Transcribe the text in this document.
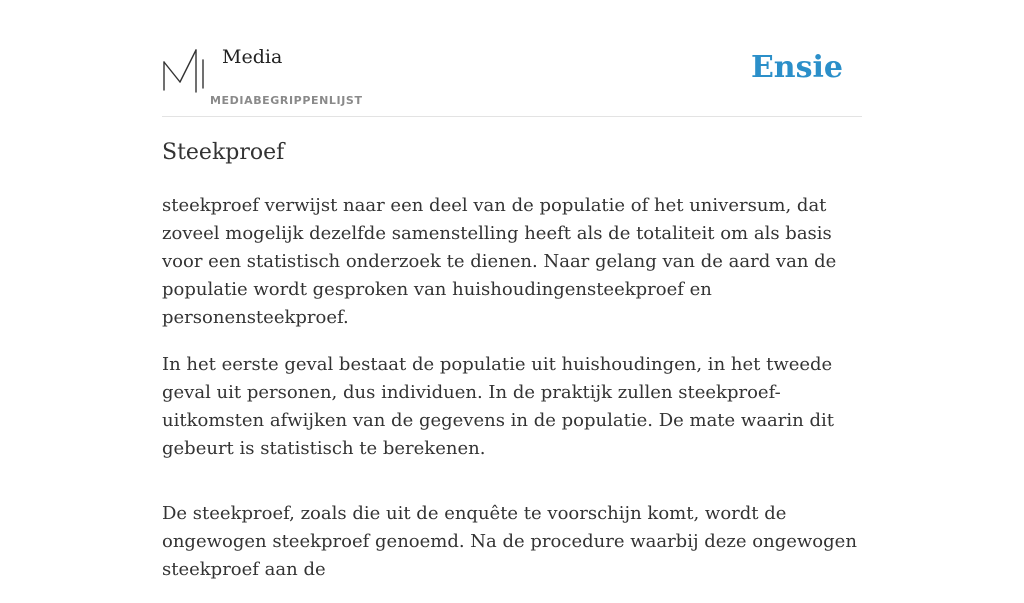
Media
MEDIABEGRIPPENLIJST
Ensie
Steekproef

steekproef verwijst naar een deel van de populatie of het universum, dat zoveel mogelijk dezelfde samenstelling heeft als de totaliteit om als basis voor een statistisch onderzoek te dienen. Naar gelang van de aard van de populatie wordt gesproken van huishoudingensteekproef en personensteekproef.

In het eerste geval bestaat de populatie uit huishoudingen, in het tweede geval uit personen, dus individuen. In de praktijk zullen steekproef-uitkomsten afwijken van de gegevens in de populatie. De mate waarin dit gebeurt is statistisch te berekenen.

De steekproef, zoals die uit de enquête te voorschijn komt, wordt de ongewogen steekproef genoemd. Na de procedure waarbij deze ongewogen steekproef aan de
